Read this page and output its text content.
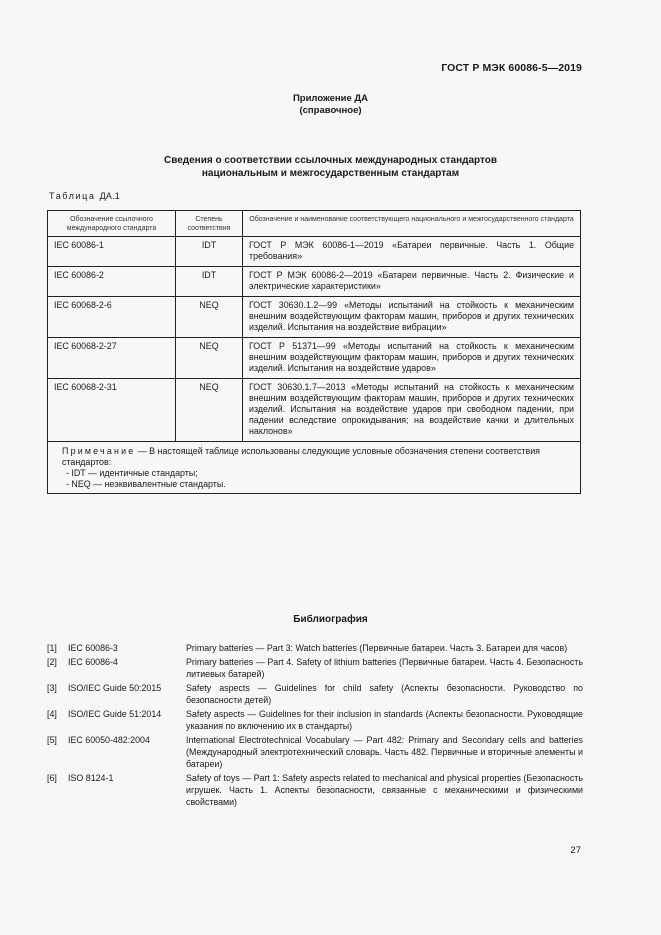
ГОСТ Р МЭК 60086-5—2019
Приложение ДА
(справочное)
Сведения о соответствии ссылочных международных стандартов
национальным и межгосударственным стандартам
Таблица ДА.1
Обозначение ссылочного международного стандарта	Степень соответствия	Обозначение и наименование соответствующего национального и межгосударственного стандарта
IEC 60086-1	IDT	ГОСТ Р МЭК 60086-1—2019 «Батареи первичные. Часть 1. Общие требования»
IEC 60086-2	IDT	ГОСТ Р МЭК 60086-2—2019 «Батареи первичные. Часть 2. Физические и электрические характеристики»
IEC 60068-2-6	NEQ	ГОСТ 30630.1.2—99 «Методы испытаний на стойкость к механическим внешним воздействующим факторам машин, приборов и других технических изделий. Испытания на воздействие вибрации»
IEC 60068-2-27	NEQ	ГОСТ Р 51371—99 «Методы испытаний на стойкость к механическим внешним воздействующим факторам машин, приборов и других технических изделий. Испытания на воздействие ударов»
IEC 60068-2-31	NEQ	ГОСТ 30630.1.7—2013 «Методы испытаний на стойкость к механическим внешним воздействующим факторам машин, приборов и других технических изделий. Испытания на воздействие ударов при свободном падении, при падении вследствие опрокидывания; на воздействие качки и длительных наклонов»

Примечание — В настоящей таблице использованы следующие условные обозначения степени соответствия стандартов:
- IDT — идентичные стандарты;
- NEQ — неэквивалентные стандарты.		
Библиография
[1]	IEC 60086-3	Primary batteries — Part 3: Watch batteries (Первичные батареи. Часть 3. Батареи для часов)
[2]	IEC 60086-4	Primary batteries — Part 4. Safety of lithium batteries (Первичные батареи. Часть 4. Безопасность литиевых батарей)
[3]	ISO/IEC Guide 50:2015	Safety aspects — Guidelines for child safety (Аспекты безопасности. Руководство по безопасности детей)
[4]	ISO/IEC Guide 51:2014	Safety aspects — Guidelines for their inclusion in standards (Аспекты безопасности. Руководящие указания по включению их в стандарты)
[5]	IEC 60050-482:2004	International Electrotechnical Vocabulary — Part 482: Primary and Secondary cells and batteries (Международный электротехнический словарь. Часть 482. Первичные и вторичные элементы и батареи)
[6]	ISO 8124-1	Safety of toys — Part 1: Safety aspects related to mechanical and physical properties (Безопасность игрушек. Часть 1. Аспекты безопасности, связанные с механическими и физическими свойствами)
27
